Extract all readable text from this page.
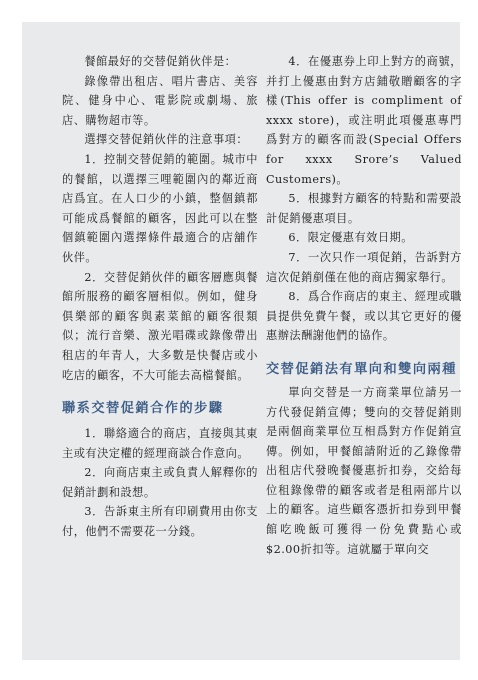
餐館最好的交替促銷伙伴是：

錄像帶出租店、唱片書店、美容院、健身中心、電影院或劇場、旅店、購物超市等。

選擇交替促銷伙伴的注意事項：

1．控制交替促銷的範圍。城市中的餐館，以選擇三哩範圍內的鄰近商店爲宜。在人口少的小鎮，整個鎮都可能成爲餐館的顧客，因此可以在整個鎮範圍內選擇條件最適合的店舖作伙伴。

2．交替促銷伙伴的顧客層應與餐館所服務的顧客層相似。例如，健身俱樂部的顧客與素菜館的顧客很類似；流行音樂、激光唱碟或錄像帶出租店的年青人，大多數是快餐店或小吃店的顧客，不大可能去高檔餐館。

聯系交替促銷合作的步驟

1．聯絡適合的商店，直接與其東主或有決定權的經理商談合作意向。

2．向商店東主或負責人解釋你的促銷計劃和設想。

3．告訴東主所有印刷費用由你支付，他們不需要花一分錢。

4．在優惠券上印上對方的商號，并打上優惠由對方店鋪敬贈顧客的字樣(This offer is compliment of xxxx store)，或注明此項優惠專門爲對方的顧客而設(Special Offers for xxxx Srore’s Valued Customers)。

5．根據對方顧客的特點和需要設計促銷優惠項目。

6．限定優惠有效日期。

7．一次只作一項促銷，告訴對方這次促銷剷僅在他的商店獨家舉行。

8．爲合作商店的東主、經理或職員提供免費午餐，或以其它更好的優惠辦法酬謝他們的協作。

交替促銷法有單向和雙向兩種

單向交替是一方商業單位請另一方代發促銷宣傳；雙向的交替促銷則是兩個商業單位互相爲對方作促銷宣傳。例如，甲餐館請附近的乙錄像帶出租店代發晚餐優惠折扣券，交給每位租錄像帶的顧客或者是租兩部片以上的顧客。這些顧客憑折扣券到甲餐館吃晚飯可獲得一份免費點心或$2.00折扣等。這就屬于單向交
